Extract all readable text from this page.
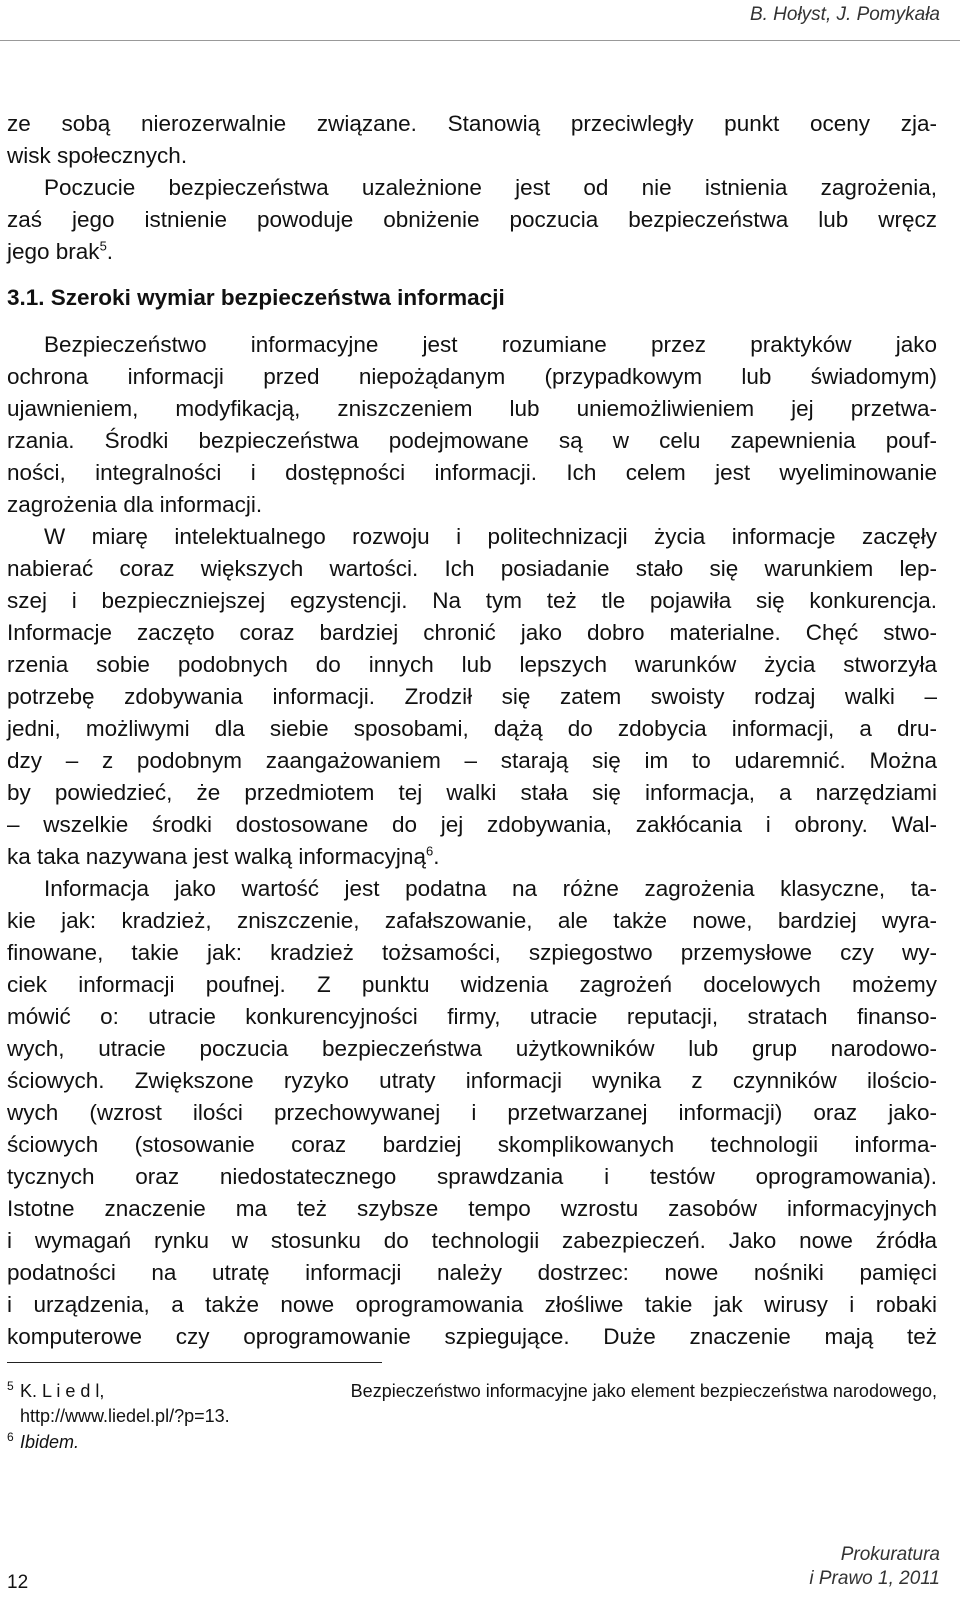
B. Hołyst, J. Pomykała
ze sobą nierozerwalnie związane. Stanowią przeciwległy punkt oceny zja-
wisk społecznych.
Poczucie bezpieczeństwa uzależnione jest od nie istnienia zagrożenia,
zaś jego istnienie powoduje obniżenie poczucia bezpieczeństwa lub wręcz
jego brak$^5$.
3.1. Szeroki wymiar bezpieczeństwa informacji
Bezpieczeństwo informacyjne jest rozumiane przez praktyków jako
ochrona informacji przed niepożądanym (przypadkowym lub świadomym)
ujawnieniem, modyfikacją, zniszczeniem lub uniemożliwieniem jej przetwa-
rzania. Środki bezpieczeństwa podejmowane są w celu zapewnienia pouf-
ności, integralności i dostępności informacji. Ich celem jest wyeliminowanie
zagrożenia dla informacji.
W miarę intelektualnego rozwoju i politechnizacji życia informacje zaczęły
nabierać coraz większych wartości. Ich posiadanie stało się warunkiem lep-
szej i bezpieczniejszej egzystencji. Na tym też tle pojawiła się konkurencja.
Informacje zaczęto coraz bardziej chronić jako dobro materialne. Chęć stwo-
rzenia sobie podobnych do innych lub lepszych warunków życia stworzyła
potrzebę zdobywania informacji. Zrodził się zatem swoisty rodzaj walki –
jedni, możliwymi dla siebie sposobami, dążą do zdobycia informacji, a dru-
dzy – z podobnym zaangażowaniem – starają się im to udaremnić. Można
by powiedzieć, że przedmiotem tej walki stała się informacja, a narzędziami
– wszelkie środki dostosowane do jej zdobywania, zakłócania i obrony. Wal-
ka taka nazywana jest walką informacyjną$^6$.
Informacja jako wartość jest podatna na różne zagrożenia klasyczne, ta-
kie jak: kradzież, zniszczenie, zafałszowanie, ale także nowe, bardziej wyra-
finowane, takie jak: kradzież tożsamości, szpiegostwo przemysłowe czy wy-
ciek informacji poufnej. Z punktu widzenia zagrożeń docelowych możemy
mówić o: utracie konkurencyjności firmy, utracie reputacji, stratach finanso-
wych, utracie poczucia bezpieczeństwa użytkowników lub grup narodowo-
ściowych. Zwiększone ryzyko utraty informacji wynika z czynników ilościo-
wych (wzrost ilości przechowywanej i przetwarzanej informacji) oraz jako-
ściowych (stosowanie coraz bardziej skomplikowanych technologii informa-
tycznych oraz niedostatecznego sprawdzania i testów oprogramowania).
Istotne znaczenie ma też szybsze tempo wzrostu zasobów informacyjnych
i wymagań rynku w stosunku do technologii zabezpieczeń. Jako nowe źródła
podatności na utratę informacji należy dostrzec: nowe nośniki pamięci
i urządzenia, a także nowe oprogramowania złośliwe takie jak wirusy i robaki
komputerowe czy oprogramowanie szpiegujące. Duże znaczenie mają też
$^5$ K. L i e d l,	Bezpieczeństwo informacyjne jako element bezpieczeństwa narodowego,
http://www.liedel.pl/?p=13.
$^6$ Ibidem.
12
Prokuratura
i Prawo 1, 2011
